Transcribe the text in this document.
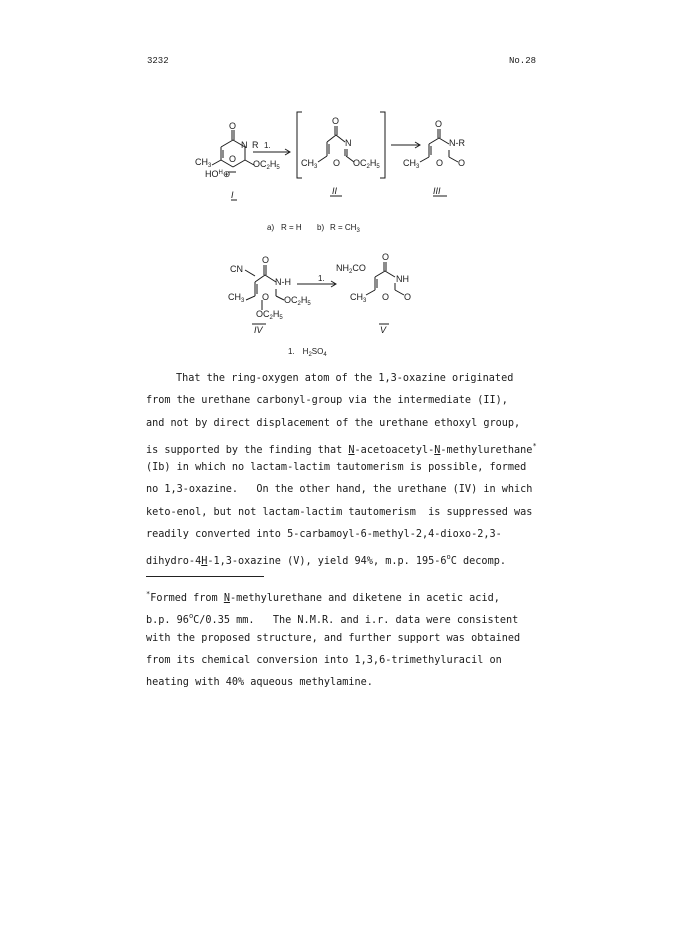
3232	No.28
O
N R
$CH_3$
O $OC_2H_5$
$HO^H\oplus$
I
1.
O
N
$CH_3$ O $OC_2H_5$
II
O
N-R
$CH_3$ O O
III
a) R = H b) $R = CH_3$
O
CN
N-H
$CH_3$ O $OC_2H_5$
$OC_2H_5$
IV
1.
O
$NH_2CO$
NH
$CH_3$ O O
V
1. $H_2SO_4$
That the ring-oxygen atom of the 1,3-oxazine originated
from the urethane carbonyl-group via the intermediate (II),
and not by direct displacement of the urethane ethoxyl group,
is supported by the finding that N-acetoacetyl-N-methylurethane*
(Ib) in which no lactam-lactim tautomerism is possible, formed
no 1,3-oxazine.   On the other hand, the urethane (IV) in which
keto-enol, but not lactam-lactim tautomerism  is suppressed was
readily converted into 5-carbamoyl-6-methyl-2,4-dioxo-2,3-
dihydro-4H-1,3-oxazine (V), yield 94%, m.p. 195-6$^o$C decomp.
*Formed from N-methylurethane and diketene in acetic acid,
b.p. 96$^o$C/0.35 mm.   The N.M.R. and i.r. data were consistent
with the proposed structure, and further support was obtained
from its chemical conversion into 1,3,6-trimethyluracil on
heating with 40% aqueous methylamine.
